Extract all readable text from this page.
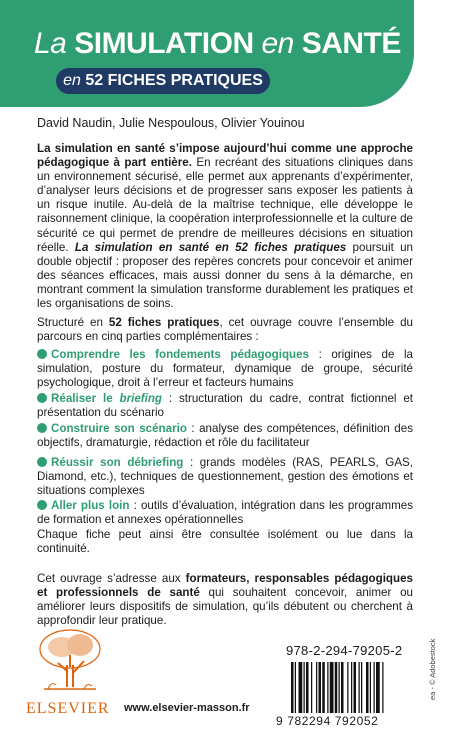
La SIMULATION en SANTÉ
en 52 FICHES PRATIQUES
David Naudin, Julie Nespoulous, Olivier Youinou
La simulation en santé s’impose aujourd’hui comme une approche pédagogique à part entière. En recréant des situations cliniques dans un environnement sécurisé, elle permet aux apprenants d’expérimenter, d’analyser leurs décisions et de progresser sans exposer les patients à un risque inutile. Au-delà de la maîtrise technique, elle développe le raisonnement clinique, la coopération interprofessionnelle et la culture de sécurité ce qui permet de prendre de meilleures décisions en situation réelle. La simulation en santé en 52 fiches pratiques poursuit un double objectif : proposer des repères concrets pour concevoir et animer des séances efficaces, mais aussi donner du sens à la démarche, en montrant comment la simulation transforme durablement les pratiques et les organisations de soins.
Structuré en 52 fiches pratiques, cet ouvrage couvre l’ensemble du parcours en cinq parties complémentaires :
Comprendre les fondements pédagogiques : origines de la simulation, posture du formateur, dynamique de groupe, sécurité psychologique, droit à l’erreur et facteurs humains
Réaliser le briefing : structuration du cadre, contrat fictionnel et présentation du scénario
Construire son scénario : analyse des compétences, définition des objectifs, dramaturgie, rédaction et rôle du facilitateur
Réussir son débriefing : grands modèles (RAS, PEARLS, GAS, Diamond, etc.), techniques de questionnement, gestion des émotions et situations complexes
Aller plus loin : outils d’évaluation, intégration dans les programmes de formation et annexes opérationnelles
Chaque fiche peut ainsi être consultée isolément ou lue dans la continuité.
Cet ouvrage s’adresse aux formateurs, responsables pédagogiques et professionnels de santé qui souhaitent concevoir, animer ou améliorer leurs dispositifs de simulation, qu’ils débutent ou cherchent à approfondir leur pratique.
ELSEVIER www.elsevier-masson.fr
978-2-294-79205-2
9 782294 792052
ea - © Adobestock
